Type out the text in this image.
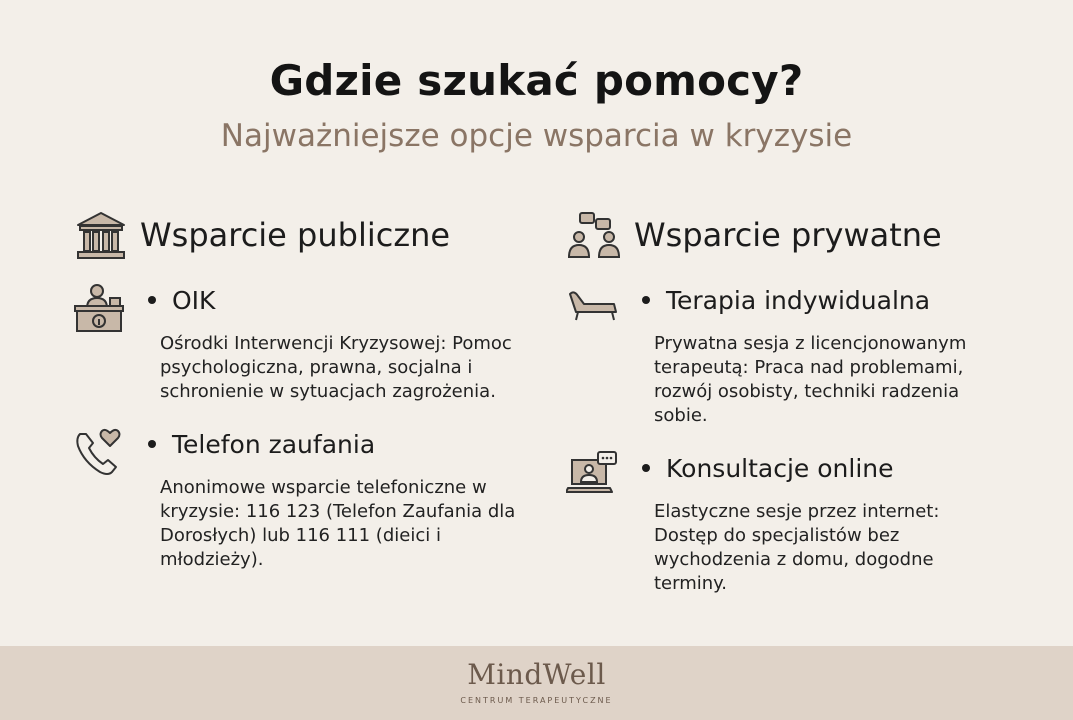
Gdzie szukać pomocy?
Najważniejsze opcje wsparcia w kryzysie
Wsparcie publiczne
OIK
Ośrodki Interwencji Kryzysowej: Pomoc psychologiczna, prawna, socjalna i schronienie w sytuacjach zagrożenia.
Telefon zaufania
Anonimowe wsparcie telefoniczne w kryzysie: 116 123 (Telefon Zaufania dla Dorosłych) lub 116 111 (dieici i młodzieży).
Wsparcie prywatne
Terapia indywidualna
Prywatna sesja z licencjonowanym terapeutą: Praca nad problemami, rozwój osobisty, techniki radzenia sobie.
Konsultacje online
Elastyczne sesje przez internet: Dostęp do specjalistów bez wychodzenia z domu, dogodne terminy.
MindWell
CENTRUM TERAPEUTYCZNE
